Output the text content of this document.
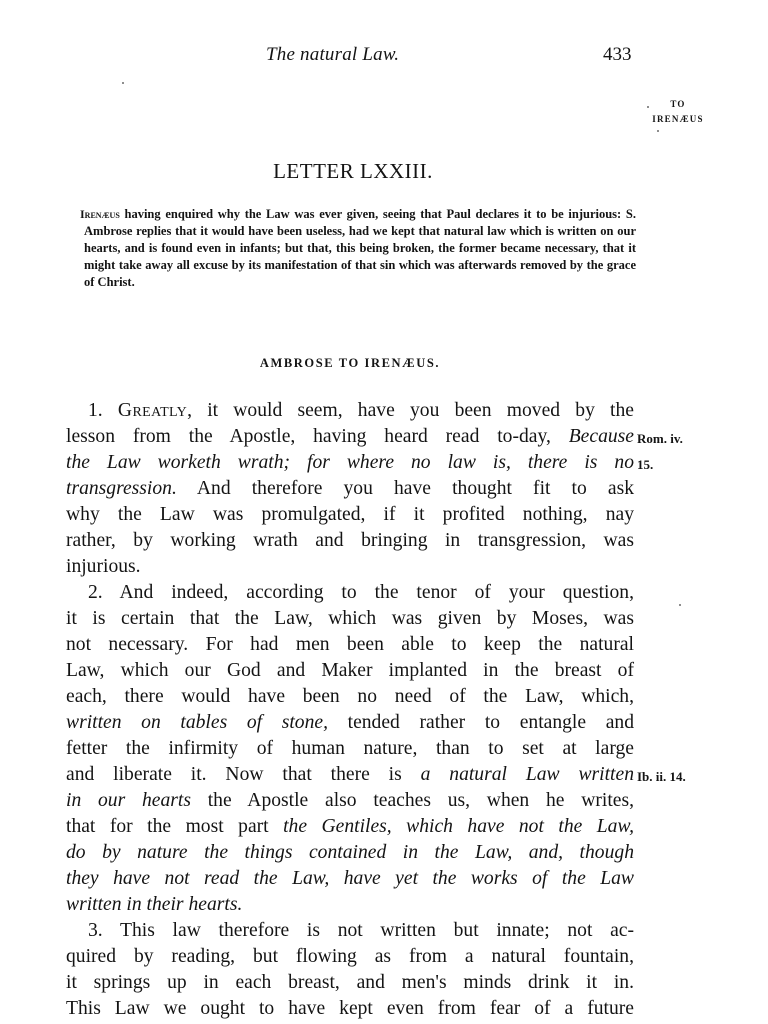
The natural Law.	433
TO
IRENÆUS
LETTER LXXIII.
Irenæus having enquired why the Law was ever given, seeing that Paul declares it to be injurious: S. Ambrose replies that it would have been useless, had we kept that natural law which is written on our hearts, and is found even in infants; but that, this being broken, the former became necessary, that it might take away all excuse by its manifestation of that sin which was afterwards removed by the grace of Christ.
AMBROSE TO IRENÆUS.
1. Greatly, it would seem, have you been moved by the
lesson from the Apostle, having heard read to-day, Because
the Law worketh wrath; for where no law is, there is no
transgression. And therefore you have thought fit to ask
why the Law was promulgated, if it profited nothing, nay
rather, by working wrath and bringing in transgression, was
injurious.
2. And indeed, according to the tenor of your question,
it is certain that the Law, which was given by Moses, was
not necessary. For had men been able to keep the natural
Law, which our God and Maker implanted in the breast of
each, there would have been no need of the Law, which,
written on tables of stone, tended rather to entangle and
fetter the infirmity of human nature, than to set at large
and liberate it. Now that there is a natural Law written
in our hearts the Apostle also teaches us, when he writes,
that for the most part the Gentiles, which have not the Law,
do by nature the things contained in the Law, and, though
they have not read the Law, have yet the works of the Law
written in their hearts.
3. This law therefore is not written but innate; not ac-
quired by reading, but flowing as from a natural fountain,
it springs up in each breast, and men's minds drink it in.
This Law we ought to have kept even from fear of a future
Rom. iv.
15.
Ib. ii. 14.
